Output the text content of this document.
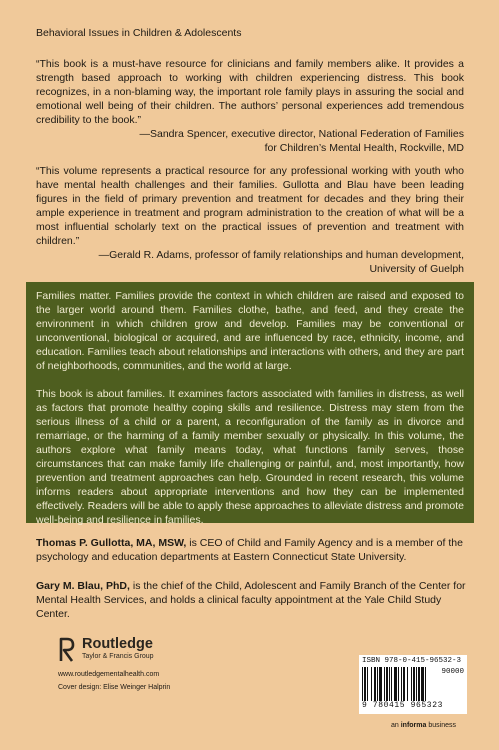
Behavioral Issues in Children & Adolescents

“This book is a must-have resource for clinicians and family members alike. It provides a strength based approach to working with children experiencing distress. This book recognizes, in a non-blaming way, the important role family plays in assuring the social and emotional well being of their children. The authors’ personal experiences add tremendous credibility to the book.”

—Sandra Spencer, executive director, National Federation of Families

for Children’s Mental Health, Rockville, MD

“This volume represents a practical resource for any professional working with youth who have mental health challenges and their families. Gullotta and Blau have been leading figures in the field of primary prevention and treatment for decades and they bring their ample experience in treatment and program administration to the creation of what will be a most influential scholarly text on the practical issues of prevention and treatment with children.”

—Gerald R. Adams, professor of family relationships and human development,

University of Guelph

Families matter. Families provide the context in which children are raised and exposed to the larger world around them. Families clothe, bathe, and feed, and they create the environment in which children grow and develop. Families may be conventional or unconventional, biological or acquired, and are influenced by race, ethnicity, income, and education. Families teach about relationships and interactions with others, and they are part of neighborhoods, communities, and the world at large.

This book is about families. It examines factors associated with families in distress, as well as factors that promote healthy coping skills and resilience. Distress may stem from the serious illness of a child or a parent, a reconfiguration of the family as in divorce and remarriage, or the harming of a family member sexually or physically. In this volume, the authors explore what family means today, what functions family serves, those circumstances that can make family life challenging or painful, and, most importantly, how prevention and treatment approaches can help. Grounded in recent research, this volume informs readers about appropriate interventions and how they can be implemented effectively. Readers will be able to apply these approaches to alleviate distress and promote well-being and resilience in families.

Thomas P. Gullotta, MA, MSW, is CEO of Child and Family Agency and is a member of the psychology and education departments at Eastern Connecticut State University.

Gary M. Blau, PhD, is the chief of the Child, Adolescent and Family Branch of the Center for Mental Health Services, and holds a clinical faculty appointment at the Yale Child Study Center.

Routledge
Taylor & Francis Group
www.routledgementalhealth.com
Cover design: Elise Weinger Halprin
ISBN 978-0-415-96532-3
90000
9 780415 965323
an informa business
